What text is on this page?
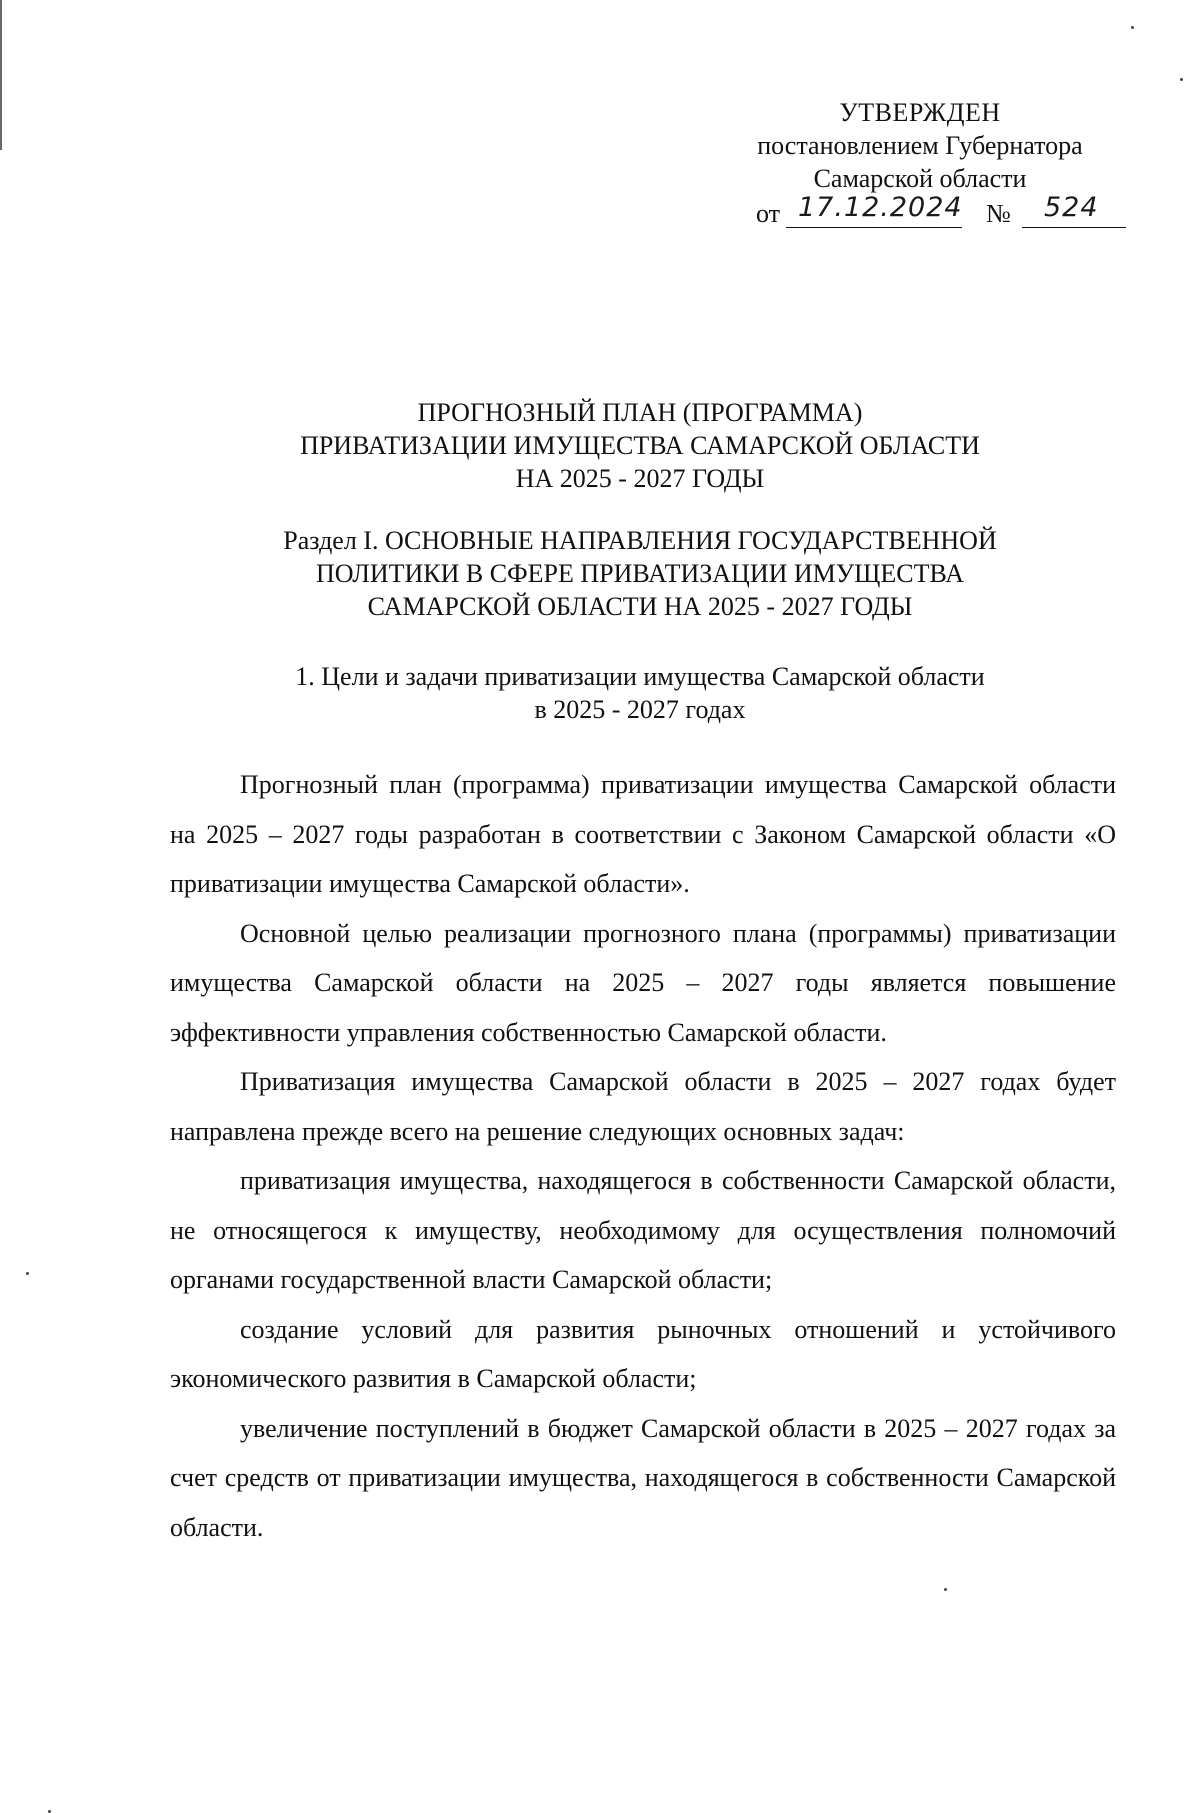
УТВЕРЖДЕН
постановлением Губернатора
Самарской области
от 17.12.2024 № 524
ПРОГНОЗНЫЙ ПЛАН (ПРОГРАММА)
ПРИВАТИЗАЦИИ ИМУЩЕСТВА САМАРСКОЙ ОБЛАСТИ
НА 2025 - 2027 ГОДЫ
Раздел I. ОСНОВНЫЕ НАПРАВЛЕНИЯ ГОСУДАРСТВЕННОЙ
ПОЛИТИКИ В СФЕРЕ ПРИВАТИЗАЦИИ ИМУЩЕСТВА
САМАРСКОЙ ОБЛАСТИ НА 2025 - 2027 ГОДЫ
1. Цели и задачи приватизации имущества Самарской области
в 2025 - 2027 годах

Прогнозный план (программа) приватизации имущества Самарской области на 2025 – 2027 годы разработан в соответствии с Законом Самарской области «О приватизации имущества Самарской области».

Основной целью реализации прогнозного плана (программы) приватизации имущества Самарской области на 2025 – 2027 годы является повышение эффективности управления собственностью Самарской области.

Приватизация имущества Самарской области в 2025 – 2027 годах будет направлена прежде всего на решение следующих основных задач:

приватизация имущества, находящегося в собственности Самарской области, не относящегося к имуществу, необходимому для осуществления полномочий органами государственной власти Самарской области;

создание условий для развития рыночных отношений и устойчивого экономического развития в Самарской области;

увеличение поступлений в бюджет Самарской области в 2025 – 2027 годах за счет средств от приватизации имущества, находящегося в собственности Самарской области.
